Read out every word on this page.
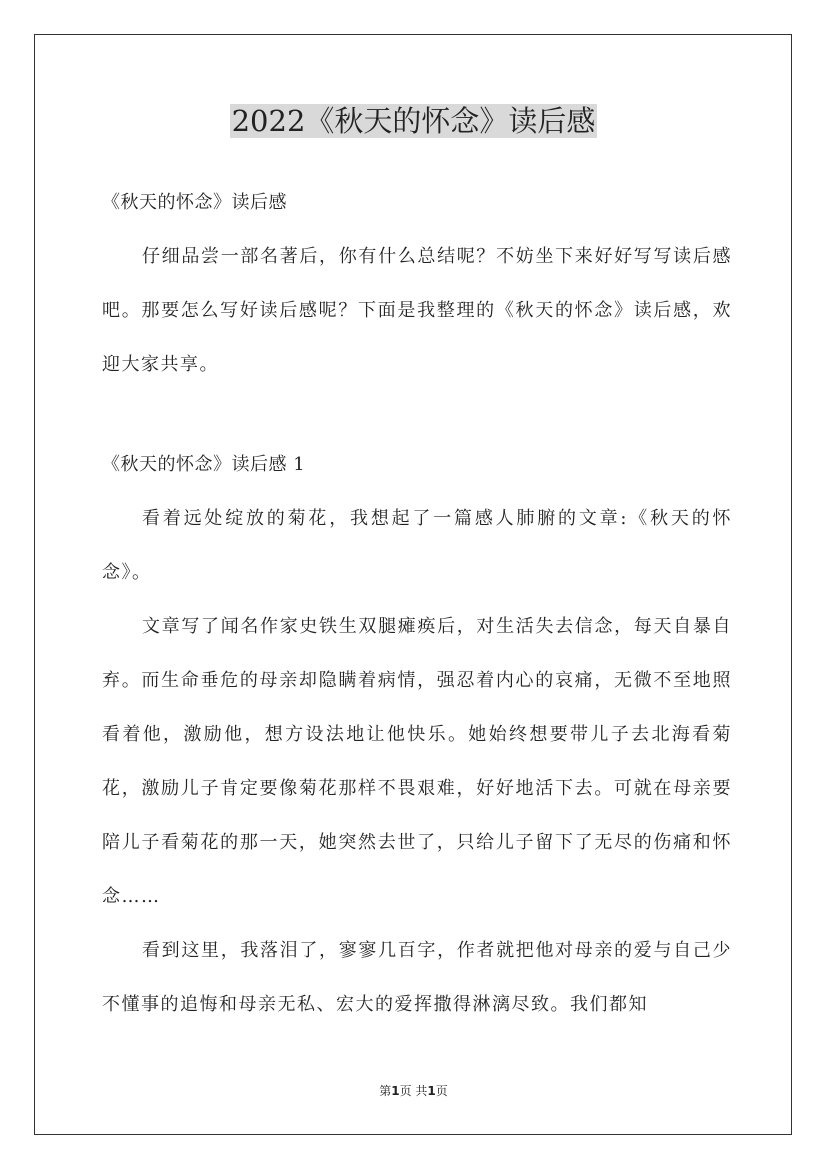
2022《秋天的怀念》读后感

《秋天的怀念》读后感

仔细品尝一部名著后，你有什么总结呢？不妨坐下来好好写写读后感吧。那要怎么写好读后感呢？下面是我整理的《秋天的怀念》读后感，欢迎大家共享。

《秋天的怀念》读后感 1

看着远处绽放的菊花，我想起了一篇感人肺腑的文章:《秋天的怀念》。

文章写了闻名作家史铁生双腿瘫痪后，对生活失去信念，每天自暴自弃。而生命垂危的母亲却隐瞒着病情，强忍着内心的哀痛，无微不至地照看着他，激励他，想方设法地让他快乐。她始终想要带儿子去北海看菊花，激励儿子肯定要像菊花那样不畏艰难，好好地活下去。可就在母亲要陪儿子看菊花的那一天，她突然去世了，只给儿子留下了无尽的伤痛和怀念……

看到这里，我落泪了，寥寥几百字，作者就把他对母亲的爱与自己少不懂事的追悔和母亲无私、宏大的爱挥撒得淋漓尽致。我们都知

第1页 共1页
